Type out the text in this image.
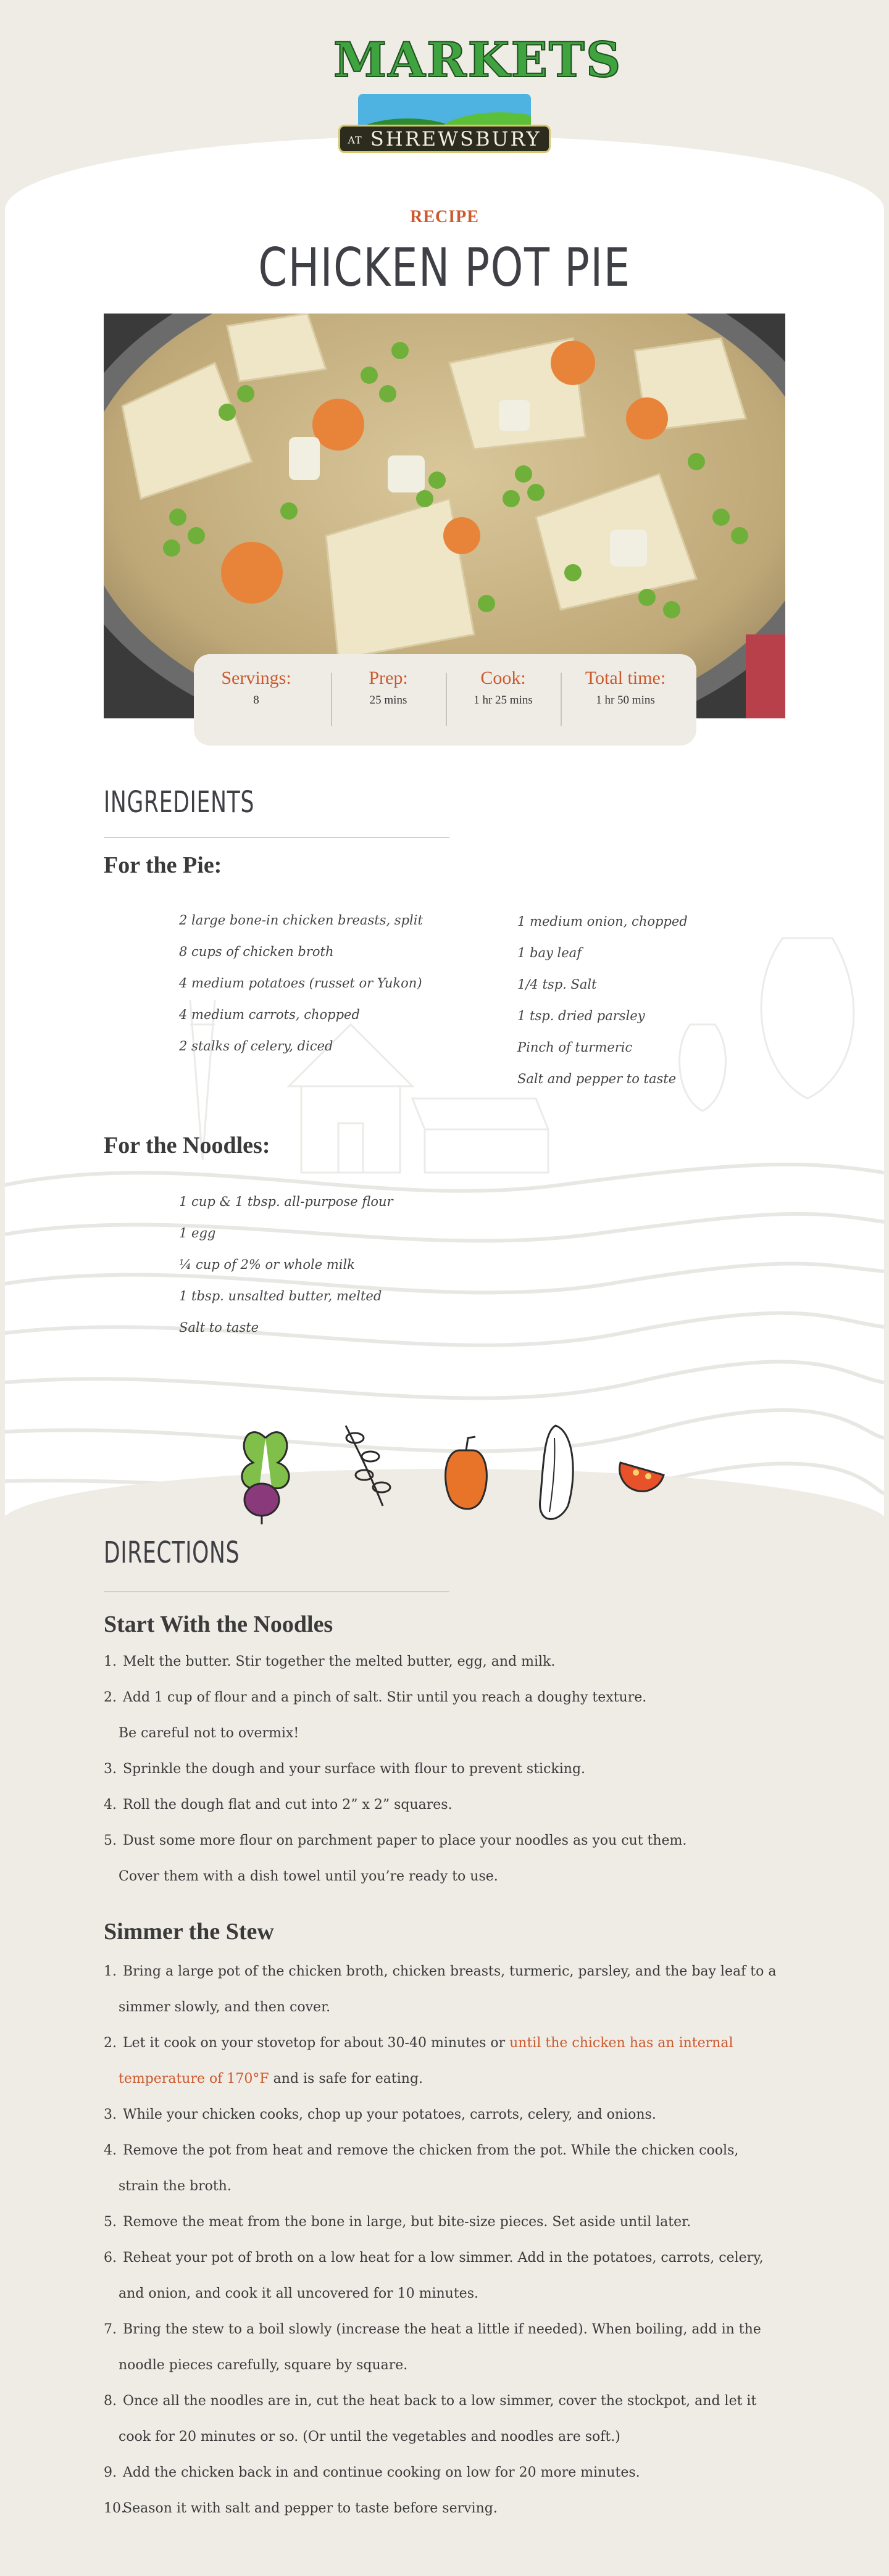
MARKETS
AT SHREWSBURY
RECIPE
CHICKEN POT PIE
Servings:
8
Prep:
25 mins
Cook:
1 hr 25 mins
Total time:
1 hr 50 mins
INGREDIENTS
For the Pie:
2 large bone-in chicken breasts, split
8 cups of chicken broth
4 medium potatoes (russet or Yukon)
4 medium carrots, chopped
2 stalks of celery, diced
1 medium onion, chopped
1 bay leaf
1/4 tsp. Salt
1 tsp. dried parsley
Pinch of turmeric
Salt and pepper to taste
For the Noodles:
1 cup & 1 tbsp. all-purpose flour
1 egg
¼ cup of 2% or whole milk
1 tbsp. unsalted butter, melted
Salt to taste
DIRECTIONS
Start With the Noodles
1. Melt the butter. Stir together the melted butter, egg, and milk.
2. Add 1 cup of flour and a pinch of salt. Stir until you reach a doughy texture.
Be careful not to overmix!
3. Sprinkle the dough and your surface with flour to prevent sticking.
4. Roll the dough flat and cut into 2” x 2” squares.
5. Dust some more flour on parchment paper to place your noodles as you cut them.
Cover them with a dish towel until you’re ready to use.
Simmer the Stew
1. Bring a large pot of the chicken broth, chicken breasts, turmeric, parsley, and the bay leaf to a
simmer slowly, and then cover.
2. Let it cook on your stovetop for about 30-40 minutes or until the chicken has an internal
temperature of 170°F and is safe for eating.
3. While your chicken cooks, chop up your potatoes, carrots, celery, and onions.
4. Remove the pot from heat and remove the chicken from the pot. While the chicken cools,
strain the broth.
5. Remove the meat from the bone in large, but bite-size pieces. Set aside until later.
6. Reheat your pot of broth on a low heat for a low simmer. Add in the potatoes, carrots, celery,
and onion, and cook it all uncovered for 10 minutes.
7. Bring the stew to a boil slowly (increase the heat a little if needed). When boiling, add in the
noodle pieces carefully, square by square.
8. Once all the noodles are in, cut the heat back to a low simmer, cover the stockpot, and let it
cook for 20 minutes or so. (Or until the vegetables and noodles are soft.)
9. Add the chicken back in and continue cooking on low for 20 more minutes.
10. Season it with salt and pepper to taste before serving.
